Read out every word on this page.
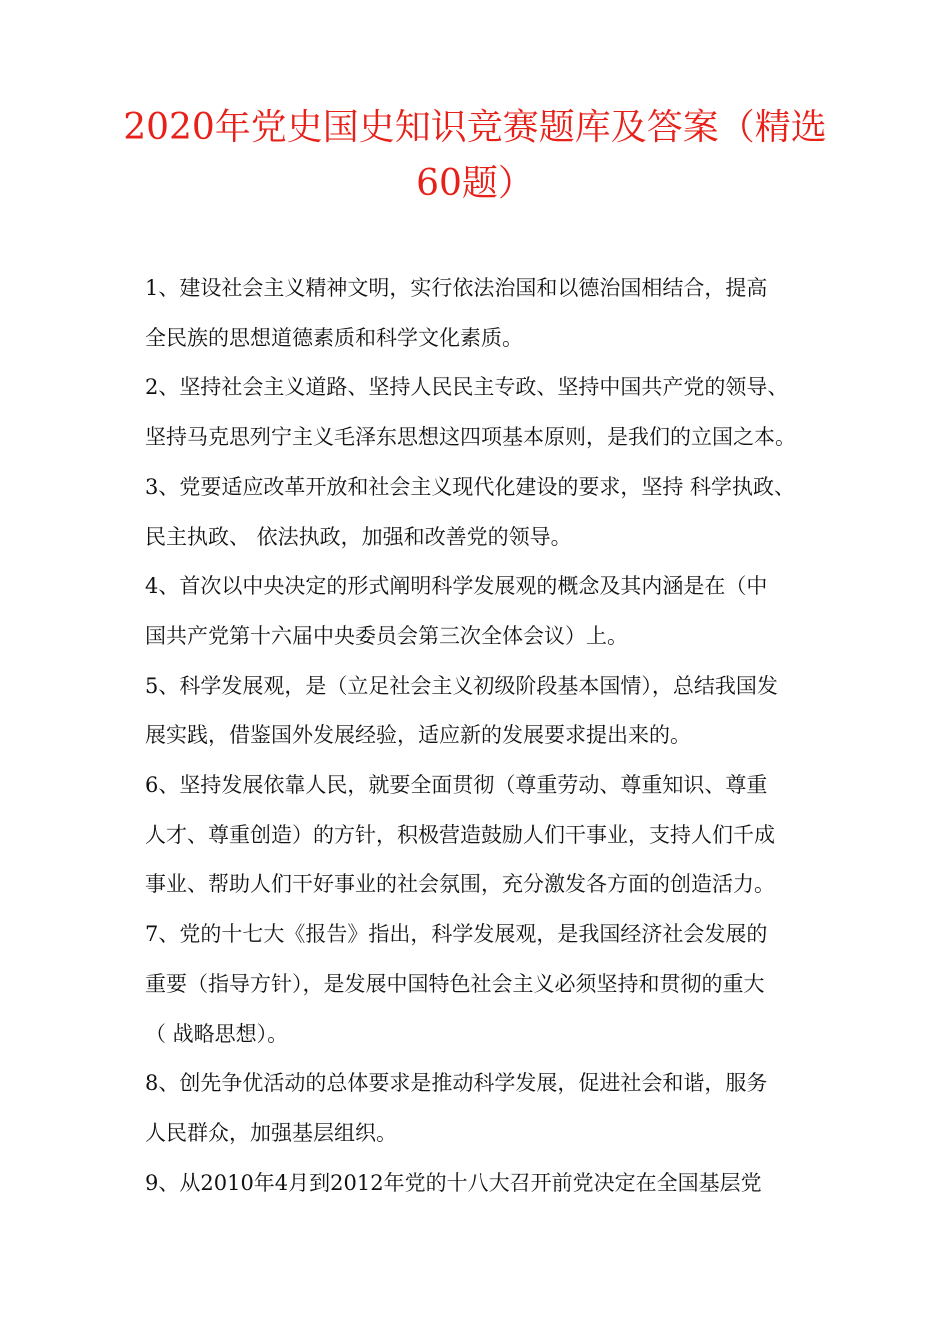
2020年党史国史知识竞赛题库及答案（精选
60题）
1、建设社会主义精神文明，实行依法治国和以德治国相结合，提高
全民族的思想道德素质和科学文化素质。
2、坚持社会主义道路、坚持人民民主专政、坚持中国共产党的领导、
坚持马克思列宁主义毛泽东思想这四项基本原则，是我们的立国之本。
3、党要适应改革开放和社会主义现代化建设的要求，坚持 科学执政、
民主执政、 依法执政，加强和改善党的领导。
4、首次以中央决定的形式阐明科学发展观的概念及其内涵是在（中
国共产党第十六届中央委员会第三次全体会议）上。
5、科学发展观，是（立足社会主义初级阶段基本国情），总结我国发
展实践，借鉴国外发展经验，适应新的发展要求提出来的。
6、坚持发展依靠人民，就要全面贯彻（尊重劳动、尊重知识、尊重
人才、尊重创造）的方针，积极营造鼓励人们干事业，支持人们千成
事业、帮助人们干好事业的社会氛围，充分激发各方面的创造活力。
7、党的十七大《报告》指出，科学发展观，是我国经济社会发展的
重要（指导方针），是发展中国特色社会主义必须坚持和贯彻的重大
（ 战略思想）。
8、创先争优活动的总体要求是推动科学发展，促进社会和谐，服务
人民群众，加强基层组织。
9、从2010年4月到2012年党的十八大召开前党决定在全国基层党
